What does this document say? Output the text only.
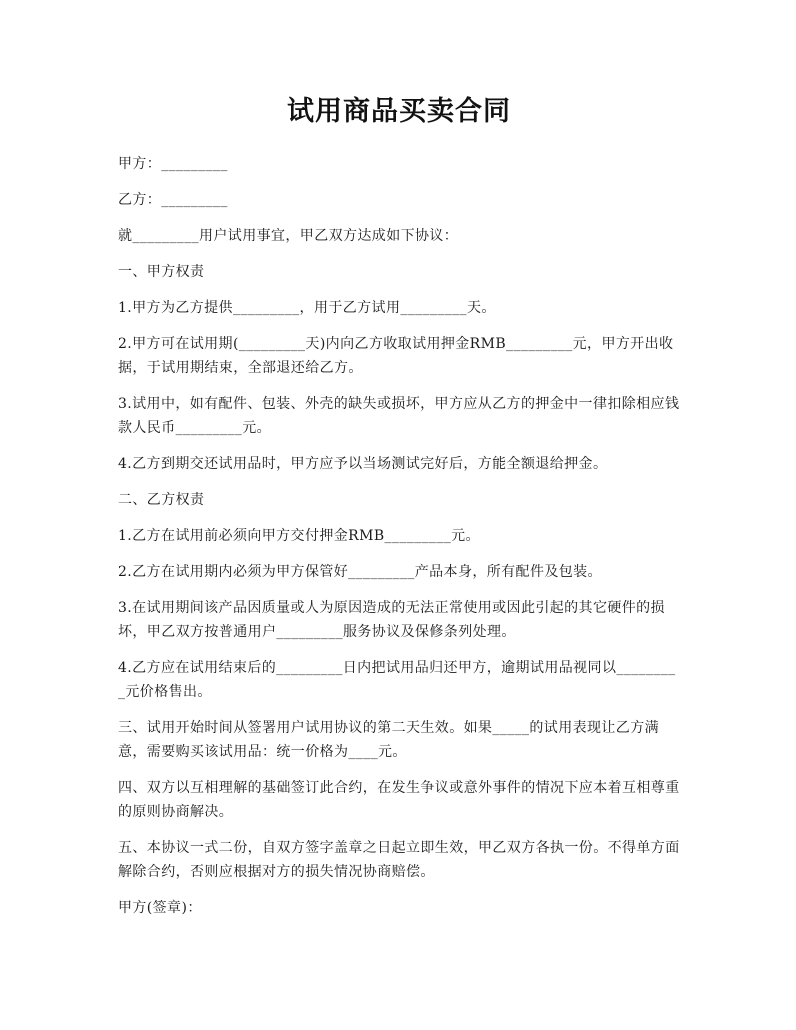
试用商品买卖合同

甲方：_________

乙方：_________

就_________用户试用事宜，甲乙双方达成如下协议：

一、甲方权责

1.甲方为乙方提供_________，用于乙方试用_________天。

2.甲方可在试用期(_________天)内向乙方收取试用押金RMB_________元，甲方开出收据，于试用期结束，全部退还给乙方。

3.试用中，如有配件、包装、外壳的缺失或损坏，甲方应从乙方的押金中一律扣除相应钱款人民币_________元。

4.乙方到期交还试用品时，甲方应予以当场测试完好后，方能全额退给押金。

二、乙方权责

1.乙方在试用前必须向甲方交付押金RMB_________元。

2.乙方在试用期内必须为甲方保管好_________产品本身，所有配件及包装。

3.在试用期间该产品因质量或人为原因造成的无法正常使用或因此引起的其它硬件的损坏，甲乙双方按普通用户_________服务协议及保修条列处理。

4.乙方应在试用结束后的_________日内把试用品归还甲方，逾期试用品视同以_________元价格售出。

三、试用开始时间从签署用户试用协议的第二天生效。如果_____的试用表现让乙方满意，需要购买该试用品：统一价格为____元。

四、双方以互相理解的基础签订此合约，在发生争议或意外事件的情况下应本着互相尊重的原则协商解决。

五、本协议一式二份，自双方签字盖章之日起立即生效，甲乙双方各执一份。不得单方面解除合约，否则应根据对方的损失情况协商赔偿。

甲方(签章)：
